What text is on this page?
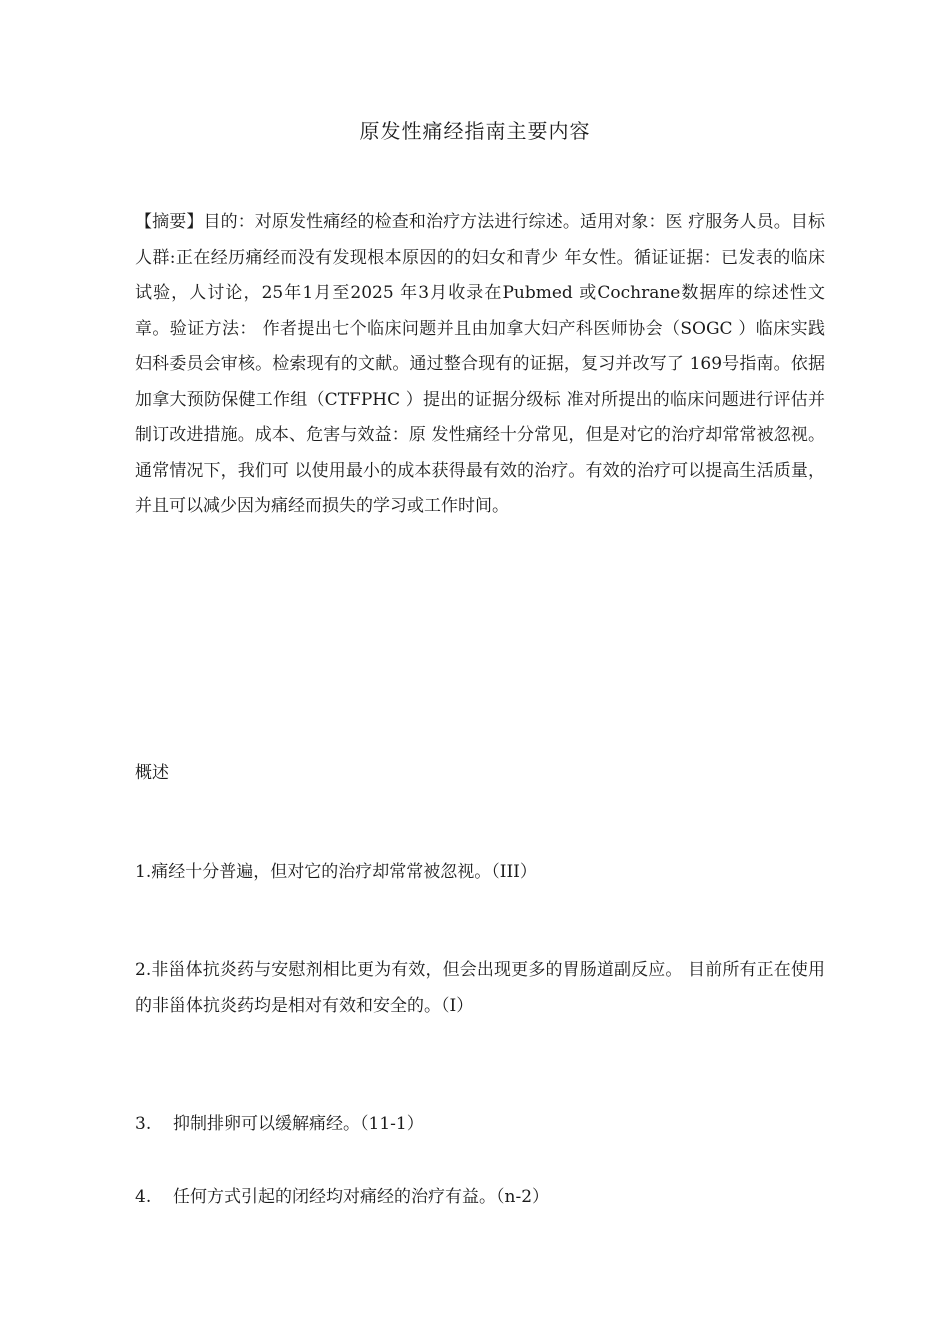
原发性痛经指南主要内容
【摘要】目的：对原发性痛经的检查和治疗方法进行综述。适用对象：医 疗服务人员。目标人群:正在经历痛经而没有发现根本原因的的妇女和青少 年女性。循证证据：已发表的临床试验，人讨论，25年1月至2025 年3月收录在Pubmed 或Cochrane数据库的综述性文章。验证方法： 作者提出七个临床问题并且由加拿大妇产科医师协会（SOGC ）临床实践 妇科委员会审核。检索现有的文献。通过整合现有的证据，复习并改写了 169号指南。依据加拿大预防保健工作组（CTFPHC ）提出的证据分级标 准对所提出的临床问题进行评估并制订改进措施。成本、危害与效益：原 发性痛经十分常见，但是对它的治疗却常常被忽视。通常情况下，我们可 以使用最小的成本获得最有效的治疗。有效的治疗可以提高生活质量，并且可以减少因为痛经而损失的学习或工作时间。
概述
1.痛经十分普遍，但对它的治疗却常常被忽视。（III）
2.非甾体抗炎药与安慰剂相比更为有效，但会出现更多的胃肠道副反应。 目前所有正在使用的非甾体抗炎药均是相对有效和安全的。（I）
3. 抑制排卵可以缓解痛经。（11-1）
4. 任何方式引起的闭经均对痛经的治疗有益。（n-2）
